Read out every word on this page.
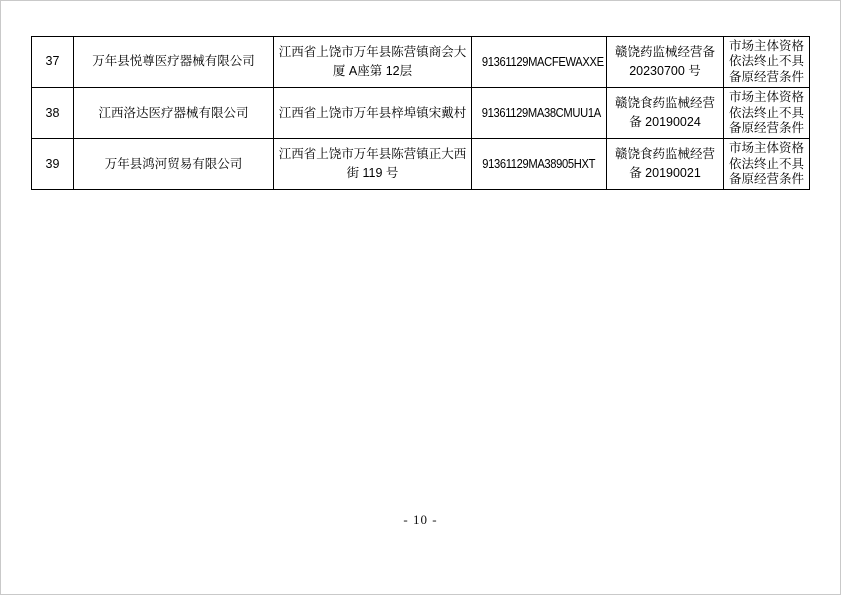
37	万年县悦尊医疗器械有限公司	江西省上饶市万年县陈营镇商会大厦 A座第 12层	91361129MACFEWAXXE	赣饶药监械经营备 20230700 号	市场主体资格依法终止不具备原经营条件
38	江西洛达医疗器械有限公司	江西省上饶市万年县梓埠镇宋戴村	91361129MA38CMUU1A	赣饶食药监械经营备 20190024	市场主体资格依法终止不具备原经营条件
39	万年县鸿河贸易有限公司	江西省上饶市万年县陈营镇正大西街 119 号	91361129MA38905HXT	赣饶食药监械经营备 20190021	市场主体资格依法终止不具备原经营条件
- 10 -
